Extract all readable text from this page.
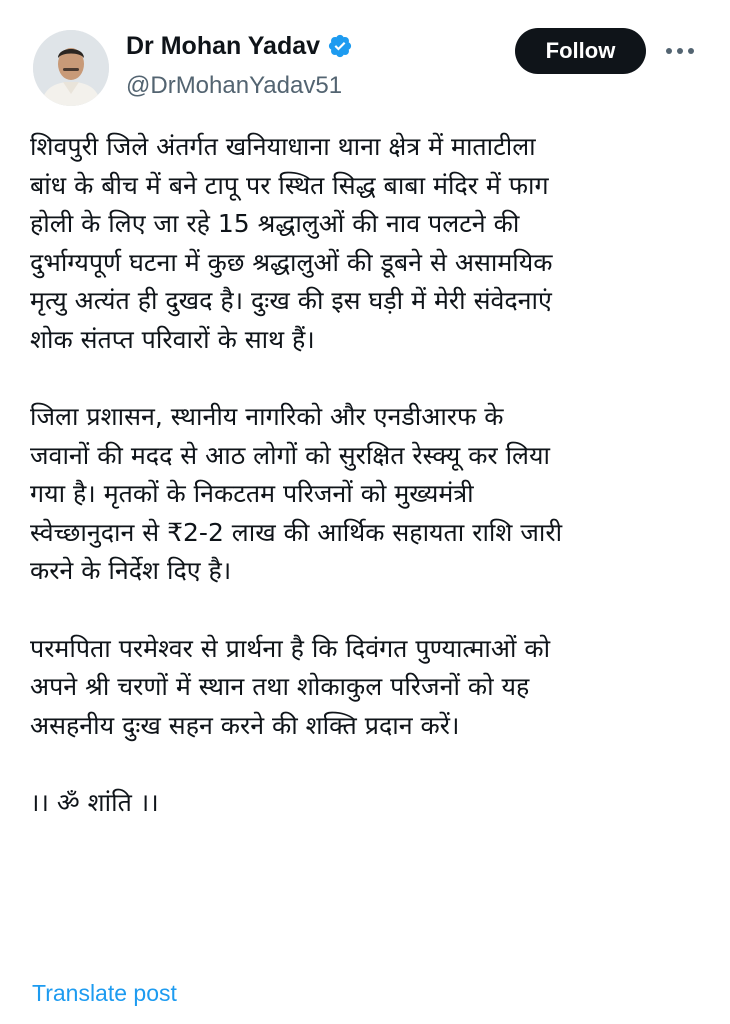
Dr Mohan Yadav
@DrMohanYadav51
Follow

शिवपुरी जिले अंतर्गत खनियाधाना थाना क्षेत्र में माताटीला
बांध के बीच में बने टापू पर स्थित सिद्ध बाबा मंदिर में फाग
होली के लिए जा रहे 15 श्रद्धालुओं की नाव पलटने की
दुर्भाग्यपूर्ण घटना में कुछ श्रद्धालुओं की डूबने से असामयिक
मृत्यु अत्यंत ही दुखद है। दुःख की इस घड़ी में मेरी संवेदनाएं
शोक संतप्त परिवारों के साथ हैं।

जिला प्रशासन, स्थानीय नागरिको और एनडीआरफ के
जवानों की मदद से आठ लोगों को सुरक्षित रेस्क्यू कर लिया
गया है। मृतकों के निकटतम परिजनों को मुख्यमंत्री
स्वेच्छानुदान से ₹2-2 लाख की आर्थिक सहायता राशि जारी
करने के निर्देश दिए है।

परमपिता परमेश्वर से प्रार्थना है कि दिवंगत पुण्यात्माओं को
अपने श्री चरणों में स्थान तथा शोकाकुल परिजनों को यह
असहनीय दुःख सहन करने की शक्ति प्रदान करें।

।। ॐ शांति ।।

Translate post
